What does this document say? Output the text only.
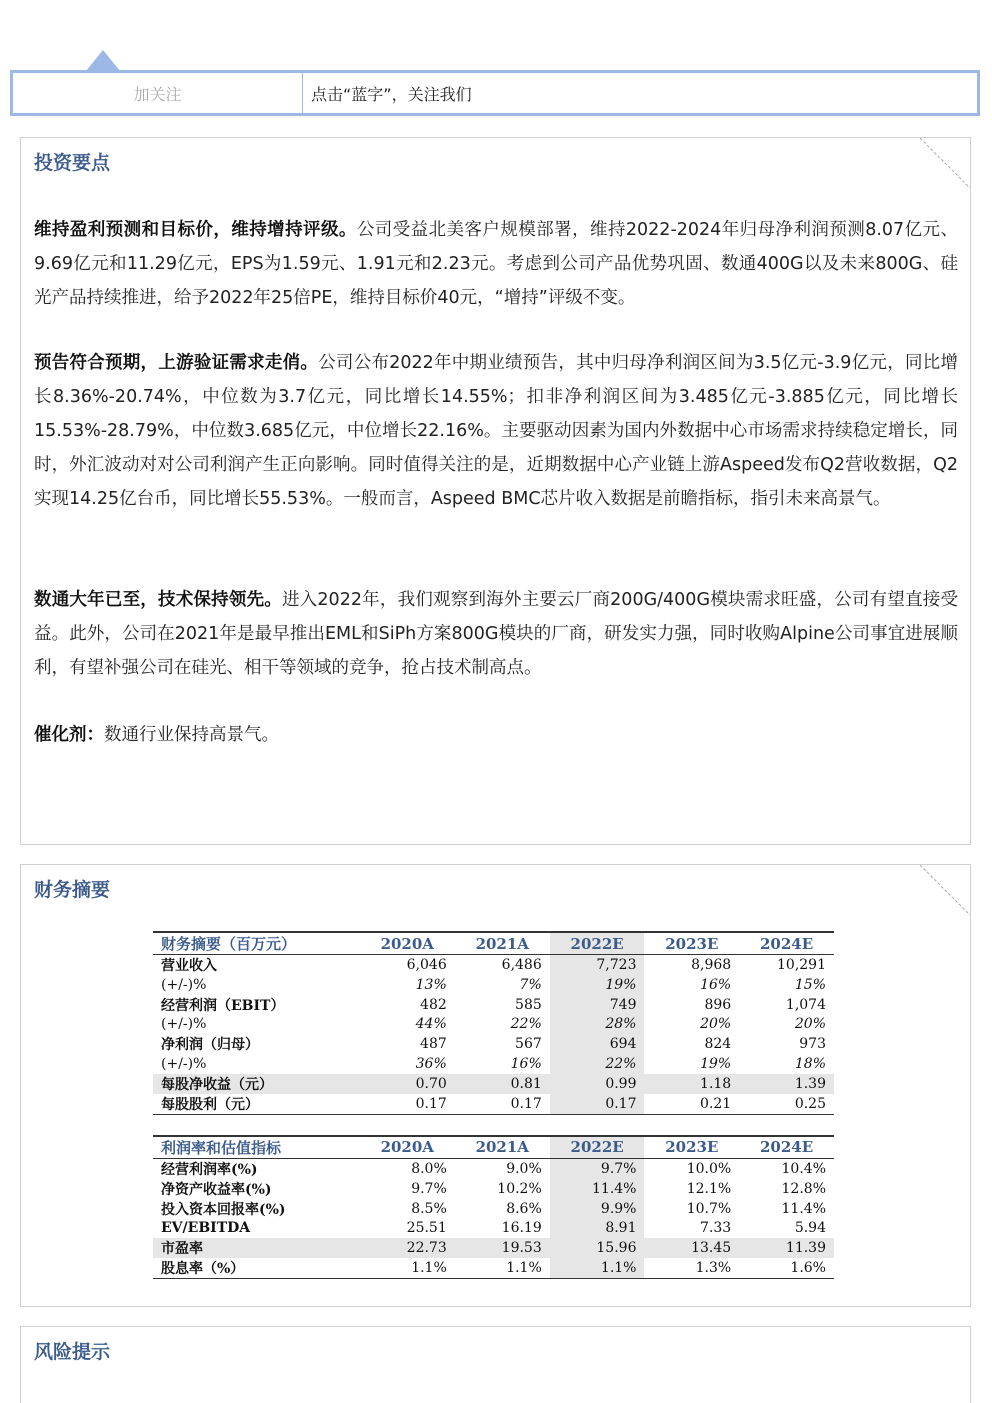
加关注	点击“蓝字”，关注我们
投资要点
维持盈利预测和目标价，维持增持评级。公司受益北美客户规模部署，维持2022-2024年归母净利润预测8.07亿元、9.69亿元和11.29亿元，EPS为1.59元、1.91元和2.23元。考虑到公司产品优势巩固、数通400G以及未来800G、硅光产品持续推进，给予2022年25倍PE，维持目标价40元，“增持”评级不变。
预告符合预期，上游验证需求走俏。公司公布2022年中期业绩预告，其中归母净利润区间为3.5亿元-3.9亿元，同比增长8.36%-20.74%，中位数为3.7亿元，同比增长14.55%；扣非净利润区间为3.485亿元-3.885亿元，同比增长15.53%-28.79%，中位数3.685亿元，中位增长22.16%。主要驱动因素为国内外数据中心市场需求持续稳定增长，同时，外汇波动对对公司利润产生正向影响。同时值得关注的是，近期数据中心产业链上游Aspeed发布Q2营收数据，Q2实现14.25亿台币，同比增长55.53%。一般而言，Aspeed BMC芯片收入数据是前瞻指标，指引未来高景气。
数通大年已至，技术保持领先。进入2022年，我们观察到海外主要云厂商200G/400G模块需求旺盛，公司有望直接受益。此外，公司在2021年是最早推出EML和SiPh方案800G模块的厂商，研发实力强，同时收购Alpine公司事宜进展顺利，有望补强公司在硅光、相干等领域的竞争，抢占技术制高点。
催化剂：数通行业保持高景气。
财务摘要
财务摘要（百万元）	2020A	2021A	2022E	2023E	2024E
营业收入	6,046	6,486	7,723	8,968	10,291
(+/-)%	13%	7%	19%	16%	15%
经营利润（EBIT）	482	585	749	896	1,074
(+/-)%	44%	22%	28%	20%	20%
净利润（归母）	487	567	694	824	973
(+/-)%	36%	16%	22%	19%	18%
每股净收益（元）	0.70	0.81	0.99	1.18	1.39
每股股利（元）	0.17	0.17	0.17	0.21	0.25

利润率和估值指标	2020A	2021A	2022E	2023E	2024E
经营利润率(%)	8.0%	9.0%	9.7%	10.0%	10.4%
净资产收益率(%)	9.7%	10.2%	11.4%	12.1%	12.8%
投入资本回报率(%)	8.5%	8.6%	9.9%	10.7%	11.4%
EV/EBITDA	25.51	16.19	8.91	7.33	5.94
市盈率	22.73	19.53	15.96	13.45	11.39
股息率（%）	1.1%	1.1%	1.1%	1.3%	1.6%
风险提示
